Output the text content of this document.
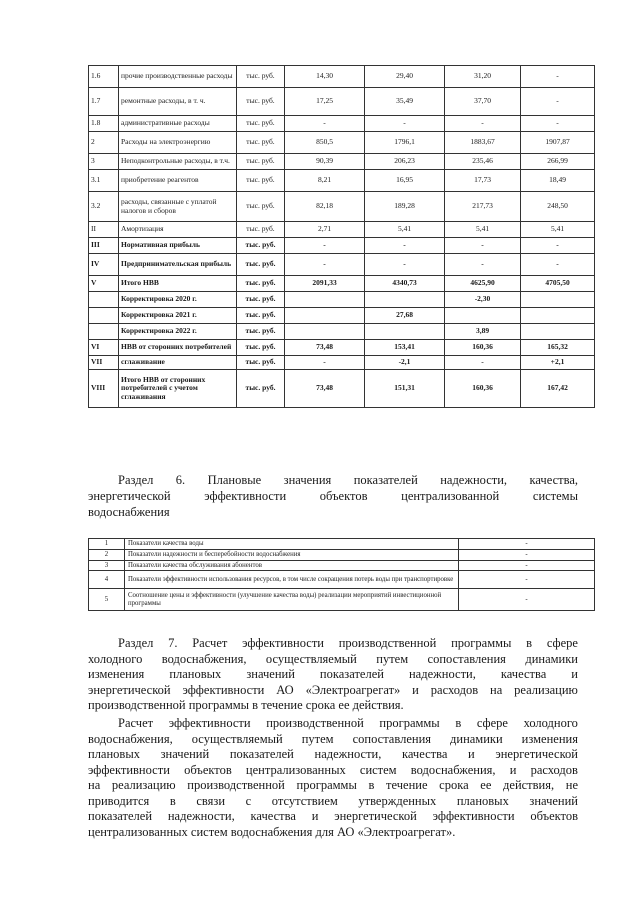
1.6	прочие производственные расходы	тыс. руб.	14,30	29,40	31,20	-
1.7	ремонтные расходы, в т. ч.	тыс. руб.	17,25	35,49	37,70	-
1.8	административные расходы	тыс. руб.	-	-	-	-
2	Расходы на электроэнергию	тыс. руб.	850,5	1796,1	1883,67	1907,87
3	Неподконтрольные расходы, в т.ч.	тыс. руб.	90,39	206,23	235,46	266,99
3.1	приобретение реагентов	тыс. руб.	8,21	16,95	17,73	18,49
3.2	расходы, связанные с уплатой налогов и сборов	тыс. руб.	82,18	189,28	217,73	248,50
II	Амортизация	тыс. руб.	2,71	5,41	5,41	5,41
III	Нормативная прибыль	тыс. руб.	-	-	-	-
IV	Предпринимательская прибыль	тыс. руб.	-	-	-	-
V	Итого НВВ	тыс. руб.	2091,33	4340,73	4625,90	4705,50
	Корректировка 2020 г.	тыс. руб.			-2,30	
	Корректировка 2021 г.	тыс. руб.		27,68		
	Корректировка 2022 г.	тыс. руб.			3,89	
VI	НВВ от сторонних потребителей	тыс. руб.	73,48	153,41	160,36	165,32
VII	сглаживание	тыс. руб.	-	-2,1	-	+2,1
VIII	Итого НВВ от сторонних потребителей с учетом сглаживания	тыс. руб.	73,48	151,31	160,36	167,42
Раздел 6. Плановые значения показателей надежности, качества,
энергетической	эффективности	объектов	централизованной	системы
водоснабжения
1	Показатели качества воды	-
2	Показатели надежности и бесперебойности водоснабжения	-
3	Показатели качества обслуживания абонентов	-
4	Показатели эффективности использования ресурсов, в том числе сокращения потерь воды при транспортировке	-
5	Соотношение цены и эффективности (улучшение качества воды) реализации мероприятий инвестиционной программы	-
Раздел 7. Расчет эффективности производственной программы в сфере
холодного водоснабжения, осуществляемый путем сопоставления динамики
изменения плановых значений показателей надежности, качества и
энергетической эффективности АО «Электроагрегат» и расходов на реализацию
производственной программы в течение срока ее действия.
Расчет эффективности производственной программы в сфере холодного
водоснабжения, осуществляемый путем сопоставления динамики изменения
плановых значений показателей надежности, качества и энергетической
эффективности объектов централизованных систем водоснабжения, и расходов
на реализацию производственной программы в течение срока ее действия, не
приводится в связи с отсутствием утвержденных плановых значений
показателей надежности, качества и энергетической эффективности объектов
централизованных систем водоснабжения для АО «Электроагрегат».
